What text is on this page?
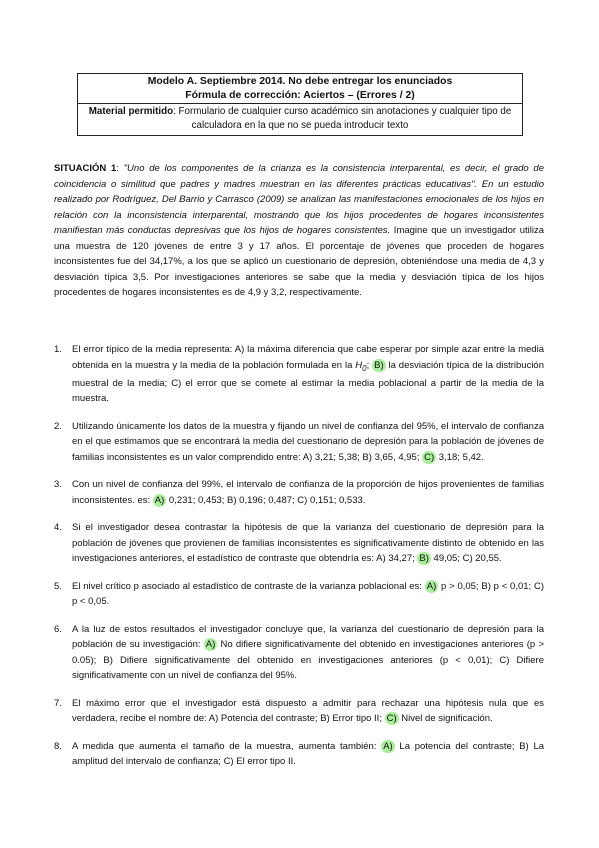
Modelo A. Septiembre 2014. No debe entregar los enunciados
Fórmula de corrección: Aciertos – (Errores / 2)
Material permitido: Formulario de cualquier curso académico sin anotaciones y cualquier tipo de calculadora en la que no se pueda introducir texto
SITUACIÓN 1: "Uno de los componentes de la crianza es la consistencia interparental, es decir, el grado de coincidencia o similitud que padres y madres muestran en las diferentes prácticas educativas". En un estudio realizado por Rodríguez, Del Barrio y Carrasco (2009) se analizan las manifestaciones emocionales de los hijos en relación con la inconsistencia interparental, mostrando que los hijos procedentes de hogares inconsistentes manifiestan más conductas depresivas que los hijos de hogares consistentes. Imagine que un investigador utiliza una muestra de 120 jóvenes de entre 3 y 17 años. El porcentaje de jóvenes que proceden de hogares inconsistentes fue del 34,17%, a los que se aplicó un cuestionario de depresión, obteniéndose una media de 4,3 y desviación típica 3,5. Por investigaciones anteriores se sabe que la media y desviación típica de los hijos procedentes de hogares inconsistentes es de 4,9 y 3,2, respectivamente.
1. El error típico de la media representa: A) la máxima diferencia que cabe esperar por simple azar entre la media obtenida en la muestra y la media de la población formulada en la $H_0$; B) la desviación típica de la distribución muestral de la media; C) el error que se comete al estimar la media poblacional a partir de la media de la muestra.
2. Utilizando únicamente los datos de la muestra y fijando un nivel de confianza del 95%, el intervalo de confianza en el que estimamos que se encontrará la media del cuestionario de depresión para la población de jóvenes de familias inconsistentes es un valor comprendido entre: A) 3,21; 5,38; B) 3,65, 4,95; C) 3,18; 5,42.
3. Con un nivel de confianza del 99%, el intervalo de confianza de la proporción de hijos provenientes de familias inconsistentes. es: A) 0,231; 0,453; B) 0,196; 0,487; C) 0,151; 0,533.
4. Si el investigador desea contrastar la hipótesis de que la varianza del cuestionario de depresión para la población de jóvenes que provienen de familias inconsistentes es significativamente distinto de obtenido en las investigaciones anteriores, el estadístico de contraste que obtendría es: A) 34,27; B) 49,05; C) 20,55.
5. El nivel crítico p asociado al estadístico de contraste de la varianza poblacional es: A) p > 0,05; B) p < 0,01; C) p < 0,05.
6. A la luz de estos resultados el investigador concluye que, la varianza del cuestionario de depresión para la población de su investigación: A) No difiere significativamente del obtenido en investigaciones anteriores (p > 0.05); B) Difiere significativamente del obtenido en investigaciones anteriores (p < 0,01); C) Difiere significativamente con un nivel de confianza del 95%.
7. El máximo error que el investigador está dispuesto a admitir para rechazar una hipótesis nula que es verdadera, recibe el nombre de: A) Potencia del contraste; B) Error tipo II; C) Nivel de significación.
8. A medida que aumenta el tamaño de la muestra, aumenta también: A) La potencia del contraste; B) La amplitud del intervalo de confianza; C) El error tipo II.
